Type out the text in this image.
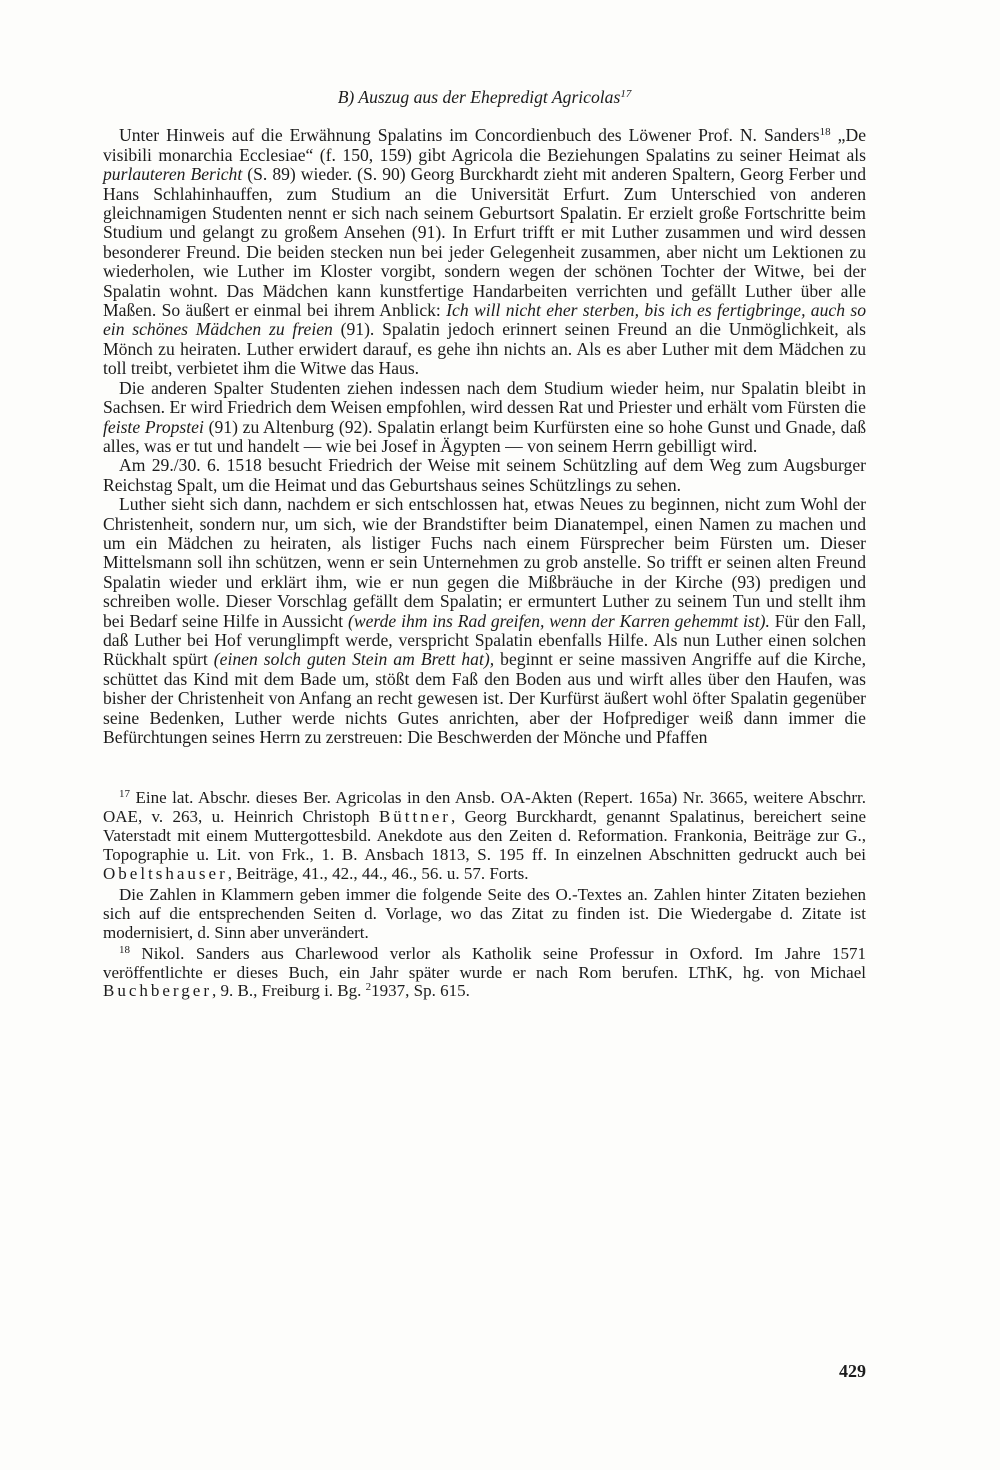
B) Auszug aus der Ehepredigt Agricolas$^{17}$

Unter Hinweis auf die Erwähnung Spalatins im Concordienbuch des Löwener Prof. N. Sanders$^{18}$ „De visibili monarchia Ecclesiae“ (f. 150, 159) gibt Agricola die Beziehungen Spalatins zu seiner Heimat als purlauteren Bericht (S. 89) wieder. (S. 90) Georg Burckhardt zieht mit anderen Spaltern, Georg Ferber und Hans Schlahinhauffen, zum Studium an die Universität Erfurt. Zum Unterschied von anderen gleichnamigen Studenten nennt er sich nach seinem Geburtsort Spalatin. Er erzielt große Fortschritte beim Studium und gelangt zu großem Ansehen (91). In Erfurt trifft er mit Luther zusammen und wird dessen besonderer Freund. Die beiden stecken nun bei jeder Gelegenheit zusammen, aber nicht um Lektionen zu wiederholen, wie Luther im Kloster vorgibt, sondern wegen der schönen Tochter der Witwe, bei der Spalatin wohnt. Das Mädchen kann kunstfertige Handarbeiten verrichten und gefällt Luther über alle Maßen. So äußert er einmal bei ihrem Anblick: Ich will nicht eher sterben, bis ich es fertigbringe, auch so ein schönes Mädchen zu freien (91). Spalatin jedoch erinnert seinen Freund an die Unmöglichkeit, als Mönch zu heiraten. Luther erwidert darauf, es gehe ihn nichts an. Als es aber Luther mit dem Mädchen zu toll treibt, verbietet ihm die Witwe das Haus.

Die anderen Spalter Studenten ziehen indessen nach dem Studium wieder heim, nur Spalatin bleibt in Sachsen. Er wird Friedrich dem Weisen empfohlen, wird dessen Rat und Priester und erhält vom Fürsten die feiste Propstei (91) zu Altenburg (92). Spalatin erlangt beim Kurfürsten eine so hohe Gunst und Gnade, daß alles, was er tut und handelt — wie bei Josef in Ägypten — von seinem Herrn gebilligt wird.

Am 29./30. 6. 1518 besucht Friedrich der Weise mit seinem Schützling auf dem Weg zum Augsburger Reichstag Spalt, um die Heimat und das Geburtshaus seines Schützlings zu sehen.

Luther sieht sich dann, nachdem er sich entschlossen hat, etwas Neues zu beginnen, nicht zum Wohl der Christenheit, sondern nur, um sich, wie der Brandstifter beim Dianatempel, einen Namen zu machen und um ein Mädchen zu heiraten, als listiger Fuchs nach einem Fürsprecher beim Fürsten um. Dieser Mittelsmann soll ihn schützen, wenn er sein Unternehmen zu grob anstelle. So trifft er seinen alten Freund Spalatin wieder und erklärt ihm, wie er nun gegen die Mißbräuche in der Kirche (93) predigen und schreiben wolle. Dieser Vorschlag gefällt dem Spalatin; er ermuntert Luther zu seinem Tun und stellt ihm bei Bedarf seine Hilfe in Aussicht (werde ihm ins Rad greifen, wenn der Karren gehemmt ist). Für den Fall, daß Luther bei Hof verunglimpft werde, verspricht Spalatin ebenfalls Hilfe. Als nun Luther einen solchen Rückhalt spürt (einen solch guten Stein am Brett hat), beginnt er seine massiven Angriffe auf die Kirche, schüttet das Kind mit dem Bade um, stößt dem Faß den Boden aus und wirft alles über den Haufen, was bisher der Christenheit von Anfang an recht gewesen ist. Der Kurfürst äußert wohl öfter Spalatin gegenüber seine Bedenken, Luther werde nichts Gutes anrichten, aber der Hofprediger weiß dann immer die Befürchtungen seines Herrn zu zerstreuen: Die Beschwerden der Mönche und Pfaffen

$^{17}$ Eine lat. Abschr. dieses Ber. Agricolas in den Ansb. OA-Akten (Repert. 165a) Nr. 3665, weitere Abschrr. OAE, v. 263, u. Heinrich Christoph Büttner, Georg Burckhardt, genannt Spalatinus, bereichert seine Vaterstadt mit einem Muttergottesbild. Anekdote aus den Zeiten d. Reformation. Frankonia, Beiträge zur G., Topographie u. Lit. von Frk., 1. B. Ansbach 1813, S. 195 ff. In einzelnen Abschnitten gedruckt auch bei Obeltshauser, Beiträge, 41., 42., 44., 46., 56. u. 57. Forts.

Die Zahlen in Klammern geben immer die folgende Seite des O.-Textes an. Zahlen hinter Zitaten beziehen sich auf die entsprechenden Seiten d. Vorlage, wo das Zitat zu finden ist. Die Wiedergabe d. Zitate ist modernisiert, d. Sinn aber unverändert.

$^{18}$ Nikol. Sanders aus Charlewood verlor als Katholik seine Professur in Oxford. Im Jahre 1571 veröffentlichte er dieses Buch, ein Jahr später wurde er nach Rom berufen. LThK, hg. von Michael Buchberger, 9. B., Freiburg i. Bg. $^2$1937, Sp. 615.

429
